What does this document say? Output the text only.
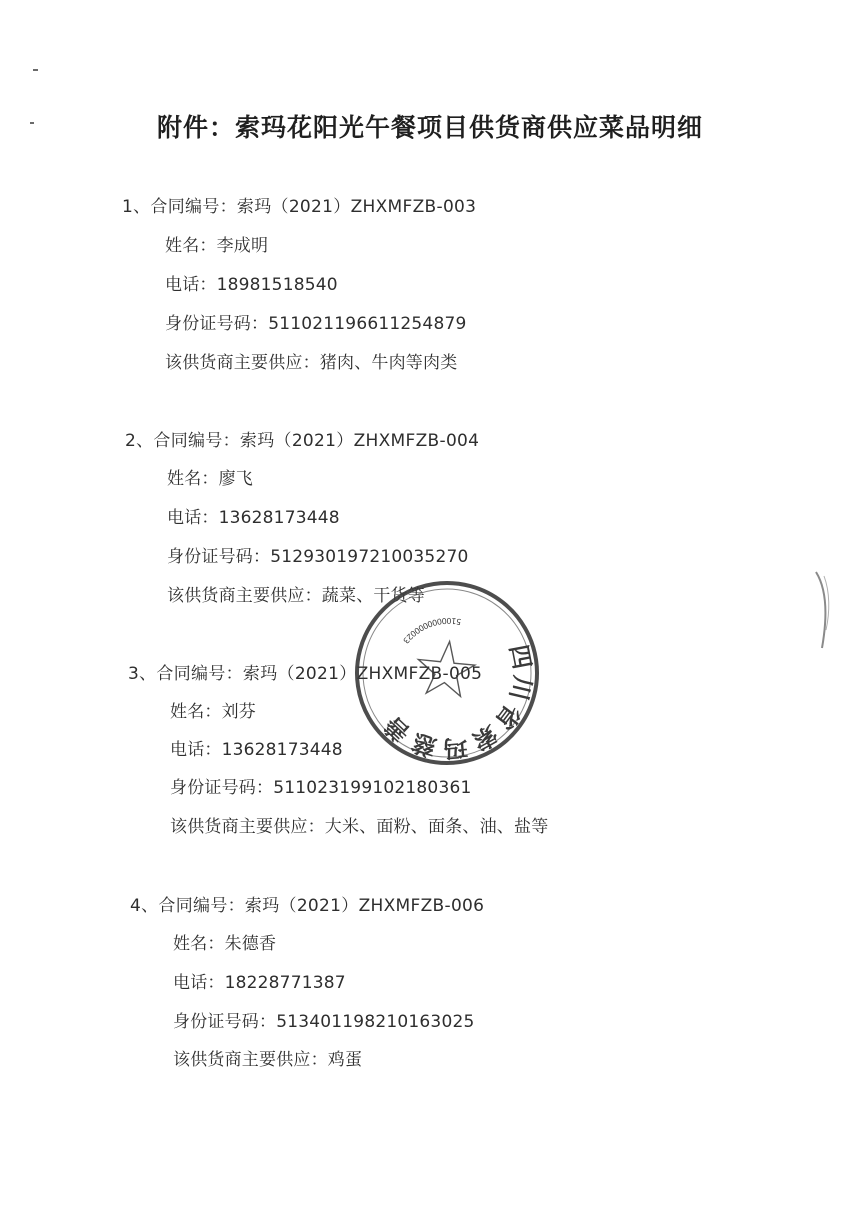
附件：索玛花阳光午餐项目供货商供应菜品明细
1、合同编号：索玛（2021）ZHXMFZB-003
姓名：李成明
电话：18981518540
身份证号码：511021196611254879
该供货商主要供应：猪肉、牛肉等肉类
2、合同编号：索玛（2021）ZHXMFZB-004
姓名：廖飞
电话：13628173448
身份证号码：512930197210035270
该供货商主要供应：蔬菜、干货等
3、合同编号：索玛（2021）ZHXMFZB-005
姓名：刘芬
电话：13628173448
身份证号码：511023199102180361
该供货商主要供应：大米、面粉、面条、油、盐等
4、合同编号：索玛（2021）ZHXMFZB-006
姓名：朱德香
电话：18228771387
身份证号码：513401198210163025
该供货商主要供应：鸡蛋
四川省索玛慈善基金会
5100000000023
